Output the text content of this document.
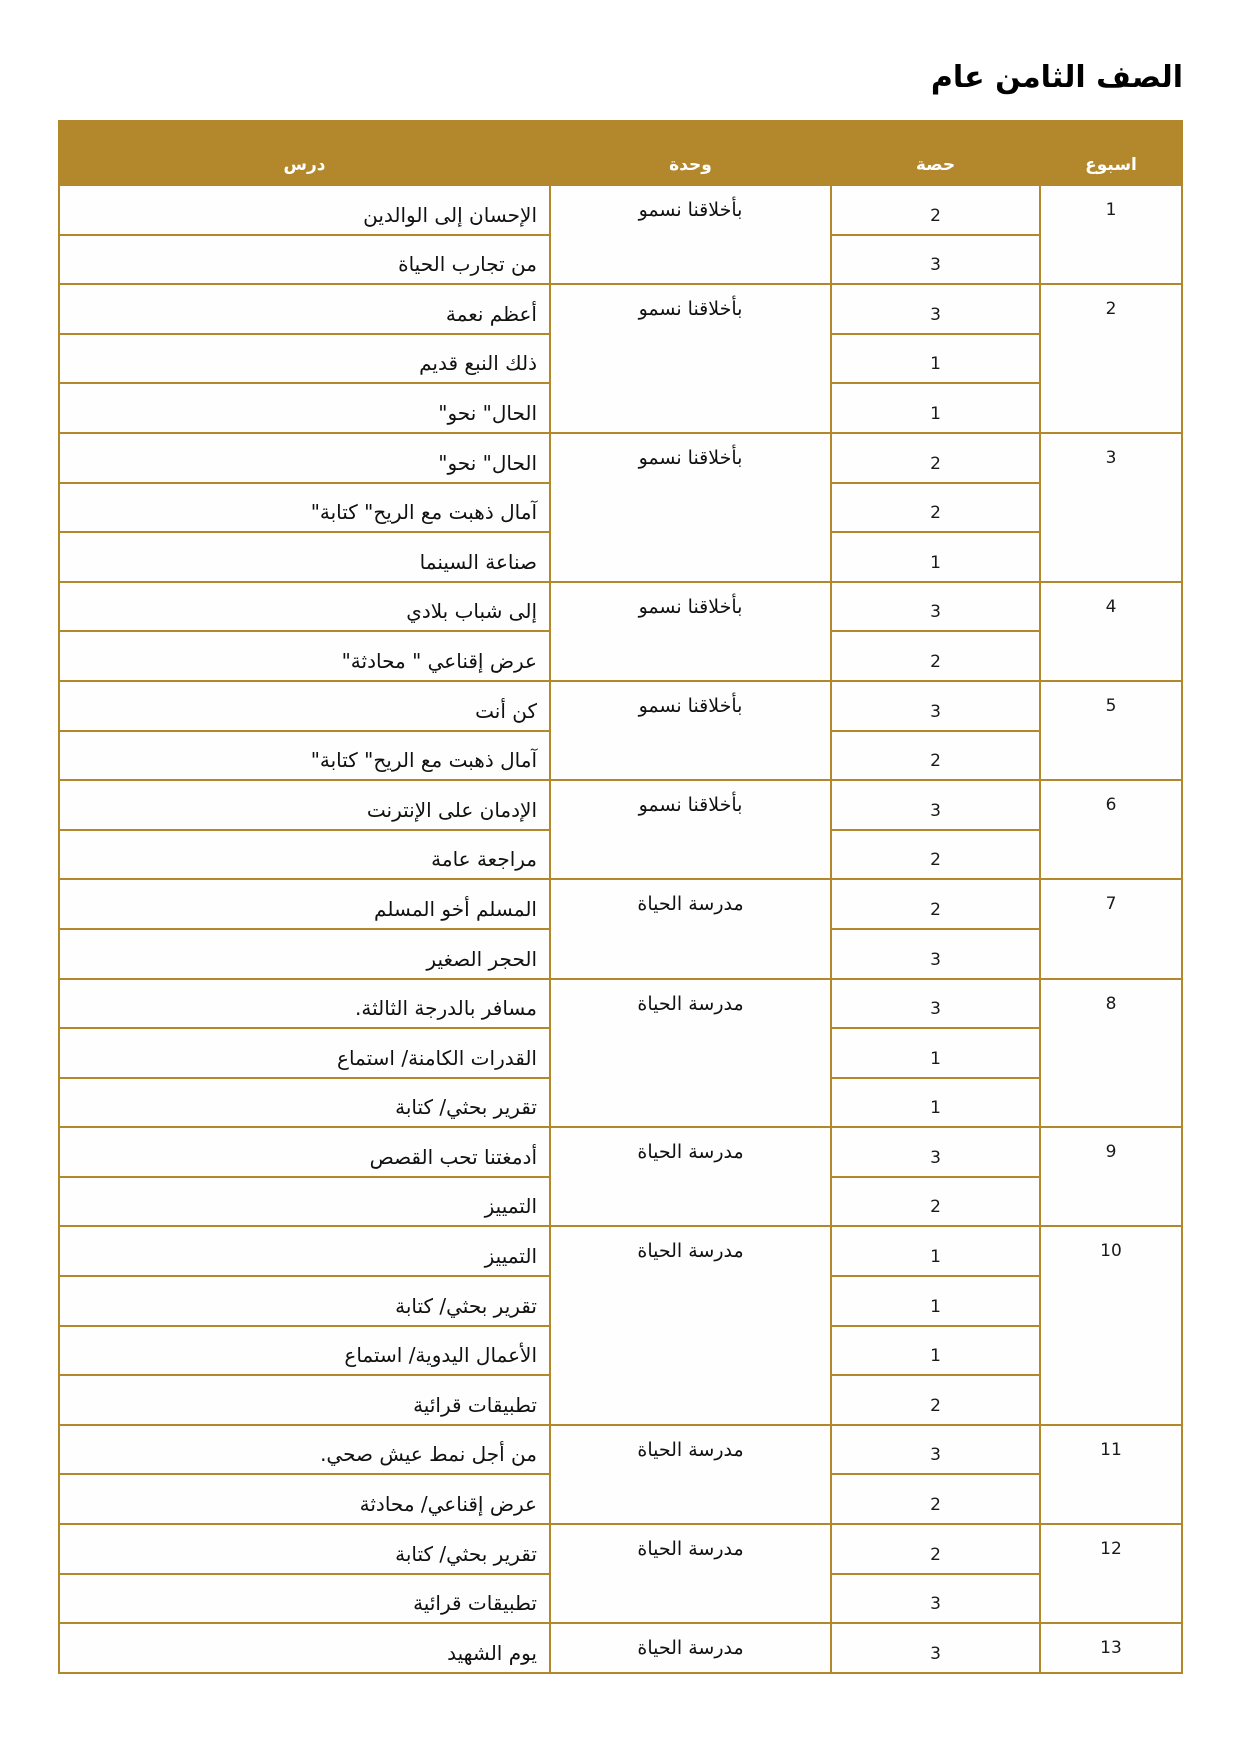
الصف الثامن عام
اسبوع	حصة	وحدة	درس
1	2	بأخلاقنا نسمو	الإحسان إلى الوالدين
	3		من تجارب الحياة
2	3	بأخلاقنا نسمو	أعظم نعمة
	1		ذلك النبع قديم
	1		الحال" نحو"
3	2	بأخلاقنا نسمو	الحال" نحو"
	2		آمال ذهبت مع الريح" كتابة"
	1		صناعة السينما
4	3	بأخلاقنا نسمو	إلى شباب بلادي
	2		عرض إقناعي " محادثة"
5	3	بأخلاقنا نسمو	كن أنت
	2		آمال ذهبت مع الريح" كتابة"
6	3	بأخلاقنا نسمو	الإدمان على الإنترنت
	2		مراجعة عامة
7	2	مدرسة الحياة	المسلم أخو المسلم
	3		الحجر الصغير
8	3	مدرسة الحياة	مسافر بالدرجة الثالثة.
	1		القدرات الكامنة/ استماع
	1		تقرير بحثي/ كتابة
9	3	مدرسة الحياة	أدمغتنا تحب القصص
	2		التمييز
10	1	مدرسة الحياة	التمييز
	1		تقرير بحثي/ كتابة
	1		الأعمال اليدوية/ استماع
	2		تطبيقات قرائية
11	3	مدرسة الحياة	من أجل نمط عيش صحي.
	2		عرض إقناعي/ محادثة
12	2	مدرسة الحياة	تقرير بحثي/ كتابة
	3		تطبيقات قرائية
13	3	مدرسة الحياة	يوم الشهيد
